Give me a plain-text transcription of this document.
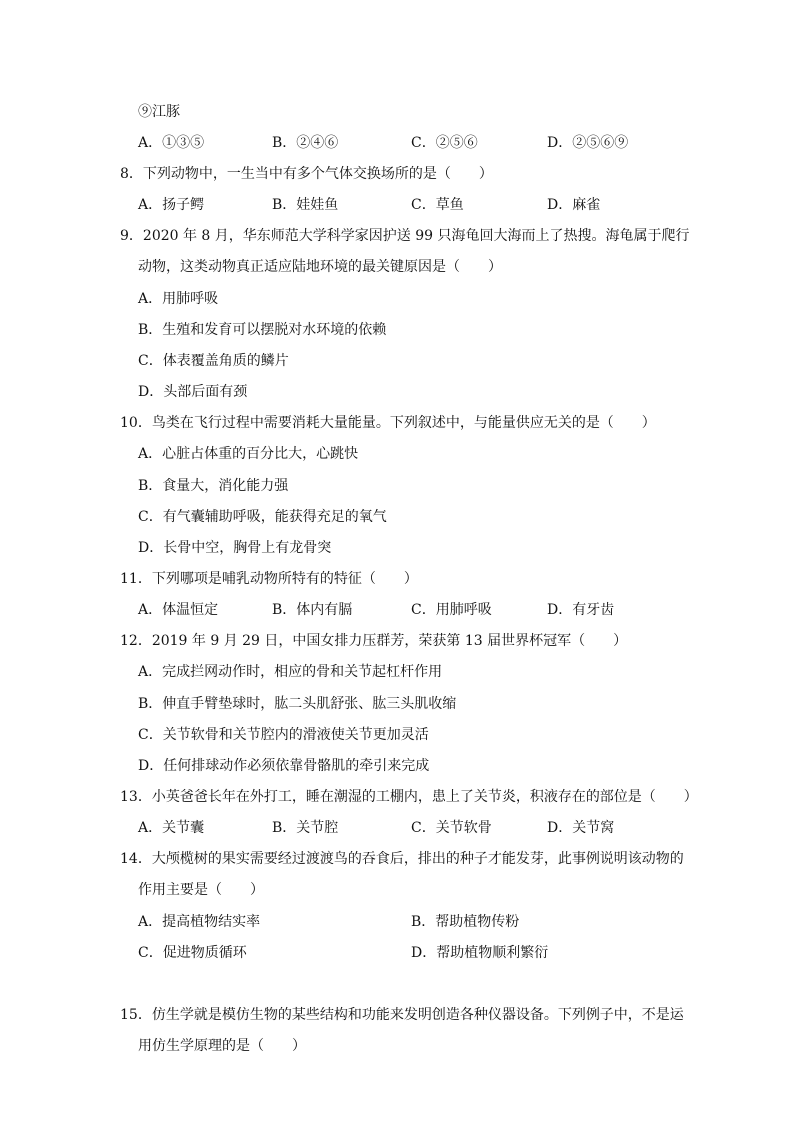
⑨江豚
A．①③⑤	B．②④⑥	C．②⑤⑥	D．②⑤⑥⑨
8．下列动物中，一生当中有多个气体交换场所的是（　　）
A．扬子鳄	B．娃娃鱼	C．草鱼	D．麻雀
9．2020 年 8 月，华东师范大学科学家因护送 99 只海龟回大海而上了热搜。海龟属于爬行
动物，这类动物真正适应陆地环境的最关键原因是（　　）
A．用肺呼吸
B．生殖和发育可以摆脱对水环境的依赖
C．体表覆盖角质的鳞片
D．头部后面有颈
10．鸟类在飞行过程中需要消耗大量能量。下列叙述中，与能量供应无关的是（　　）
A．心脏占体重的百分比大，心跳快
B．食量大，消化能力强
C．有气囊辅助呼吸，能获得充足的氧气
D．长骨中空，胸骨上有龙骨突
11．下列哪项是哺乳动物所特有的特征（　　）
A．体温恒定	B．体内有膈	C．用肺呼吸	D．有牙齿
12．2019 年 9 月 29 日，中国女排力压群芳，荣获第 13 届世界杯冠军（　　）
A．完成拦网动作时，相应的骨和关节起杠杆作用
B．伸直手臂垫球时，肱二头肌舒张、肱三头肌收缩
C．关节软骨和关节腔内的滑液使关节更加灵活
D．任何排球动作必须依靠骨骼肌的牵引来完成
13．小英爸爸长年在外打工，睡在潮湿的工棚内，患上了关节炎，积液存在的部位是（　　）
A．关节囊	B．关节腔	C．关节软骨	D．关节窝
14．大颅榄树的果实需要经过渡渡鸟的吞食后，排出的种子才能发芽，此事例说明该动物的
作用主要是（　　）
A．提高植物结实率	B．帮助植物传粉
C．促进物质循环	D．帮助植物顺利繁衍
15．仿生学就是模仿生物的某些结构和功能来发明创造各种仪器设备。下列例子中，不是运
用仿生学原理的是（　　）
